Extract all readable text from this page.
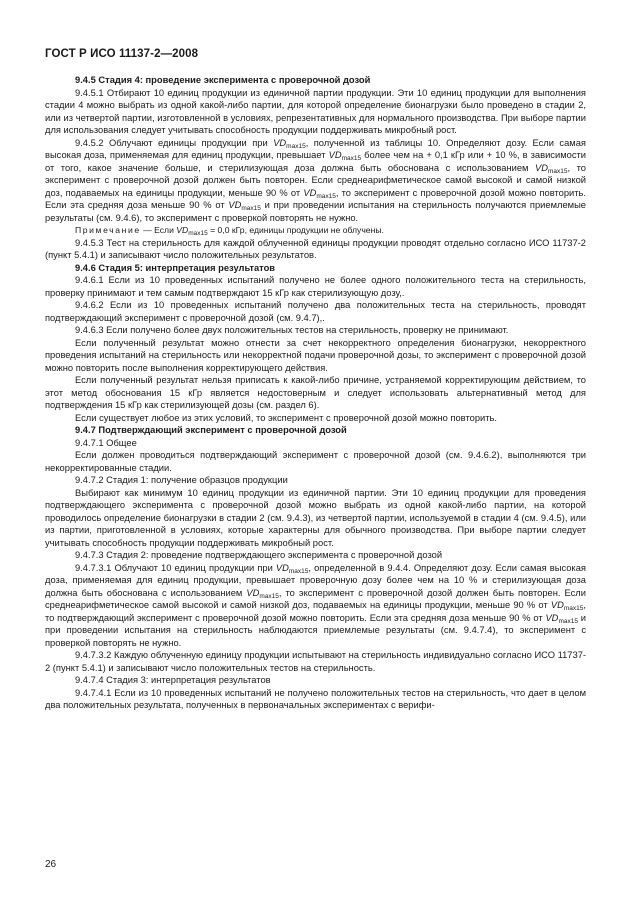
ГОСТ Р ИСО 11137-2—2008

9.4.5 Стадия 4: проведение эксперимента с проверочной дозой

9.4.5.1 Отбирают 10 единиц продукции из единичной партии продукции. Эти 10 единиц продукции для выполнения стадии 4 можно выбрать из одной какой-либо партии, для которой определение бионагрузки было проведено в стадии 2, или из четвертой партии, изготовленной в условиях, репрезентативных для нормального производства. При выборе партии для использования следует учитывать способность продукции поддерживать микробный рост.

9.4.5.2 Облучают единицы продукции при $VD_{max15}$, полученной из таблицы 10. Определяют дозу. Если самая высокая доза, применяемая для единиц продукции, превышает $VD_{max15}$ более чем на + 0,1 кГр или + 10 %, в зависимости от того, какое значение больше, и стерилизующая доза должна быть обоснована с использованием $VD_{max15}$, то эксперимент с проверочной дозой должен быть повторен. Если среднеарифметическое самой высокой и самой низкой доз, подаваемых на единицы продукции, меньше 90 % от $VD_{max15}$, то эксперимент с проверочной дозой можно повторить. Если эта средняя доза меньше 90 % от $VD_{max15}$ и при проведении испытания на стерильность получаются приемлемые результаты (см. 9.4.6), то эксперимент с проверкой повторять не нужно.

Примечание — Если $VD_{max15} = 0,0$ кГр, единицы продукции не облучены.

9.4.5.3 Тест на стерильность для каждой облученной единицы продукции проводят отдельно согласно ИСО 11737-2 (пункт 5.4.1) и записывают число положительных результатов.

9.4.6 Стадия 5: интерпретация результатов

9.4.6.1 Если из 10 проведенных испытаний получено не более одного положительного теста на стерильность, проверку принимают и тем самым подтверждают 15 кГр как стерилизующую дозу,.

9.4.6.2 Если из 10 проведенных испытаний получено два положительных теста на стерильность, проводят подтверждающий эксперимент с проверочной дозой (см. 9.4.7),.

9.4.6.3 Если получено более двух положительных тестов на стерильность, проверку не принимают.

Если полученный результат можно отнести за счет некорректного определения бионагрузки, некорректного проведения испытаний на стерильность или некорректной подачи проверочной дозы, то эксперимент с проверочной дозой можно повторить после выполнения корректирующего действия.

Если полученный результат нельзя приписать к какой-либо причине, устраняемой корректирующим действием, то этот метод обоснования 15 кГр является недостоверным и следует использовать альтернативный метод для подтверждения 15 кГр как стерилизующей дозы (см. раздел 6).

Если существует любое из этих условий, то эксперимент с проверочной дозой можно повторить.

9.4.7 Подтверждающий эксперимент с проверочной дозой

9.4.7.1 Общее

Если должен проводиться подтверждающий эксперимент с проверочной дозой (см. 9.4.6.2), выполняются три некорректированные стадии.

9.4.7.2 Стадия 1: получение образцов продукции

Выбирают как минимум 10 единиц продукции из единичной партии. Эти 10 единиц продукции для проведения подтверждающего эксперимента с проверочной дозой можно выбрать из одной какой-либо партии, на которой проводилось определение бионагрузки в стадии 2 (см. 9.4.3), из четвертой партии, используемой в стадии 4 (см. 9.4.5), или из партии, приготовленной в условиях, которые характерны для обычного производства. При выборе партии следует учитывать способность продукции поддерживать микробный рост.

9.4.7.3 Стадия 2: проведение подтверждающего эксперимента с проверочной дозой

9.4.7.3.1 Облучают 10 единиц продукции при $VD_{max15}$, определенной в 9.4.4. Определяют дозу. Если самая высокая доза, применяемая для единиц продукции, превышает проверочную дозу более чем на 10 % и стерилизующая доза должна быть обоснована с использованием $VD_{max15}$, то эксперимент с проверочной дозой должен быть повторен. Если среднеарифметическое самой высокой и самой низкой доз, подаваемых на единицы продукции, меньше 90 % от $VD_{max15}$, то подтверждающий эксперимент с проверочной дозой можно повторить. Если эта средняя доза меньше 90 % от $VD_{max15}$ и при проведении испытания на стерильность наблюдаются приемлемые результаты (см. 9.4.7.4), то эксперимент с проверкой повторять не нужно.

9.4.7.3.2 Каждую облученную единицу продукции испытывают на стерильность индивидуально согласно ИСО 11737-2 (пункт 5.4.1) и записывают число положительных тестов на стерильность.

9.4.7.4 Стадия 3: интерпретация результатов

9.4.7.4.1 Если из 10 проведенных испытаний не получено положительных тестов на стерильность, что дает в целом два положительных результата, полученных в первоначальных экспериментах с верифи-

26
